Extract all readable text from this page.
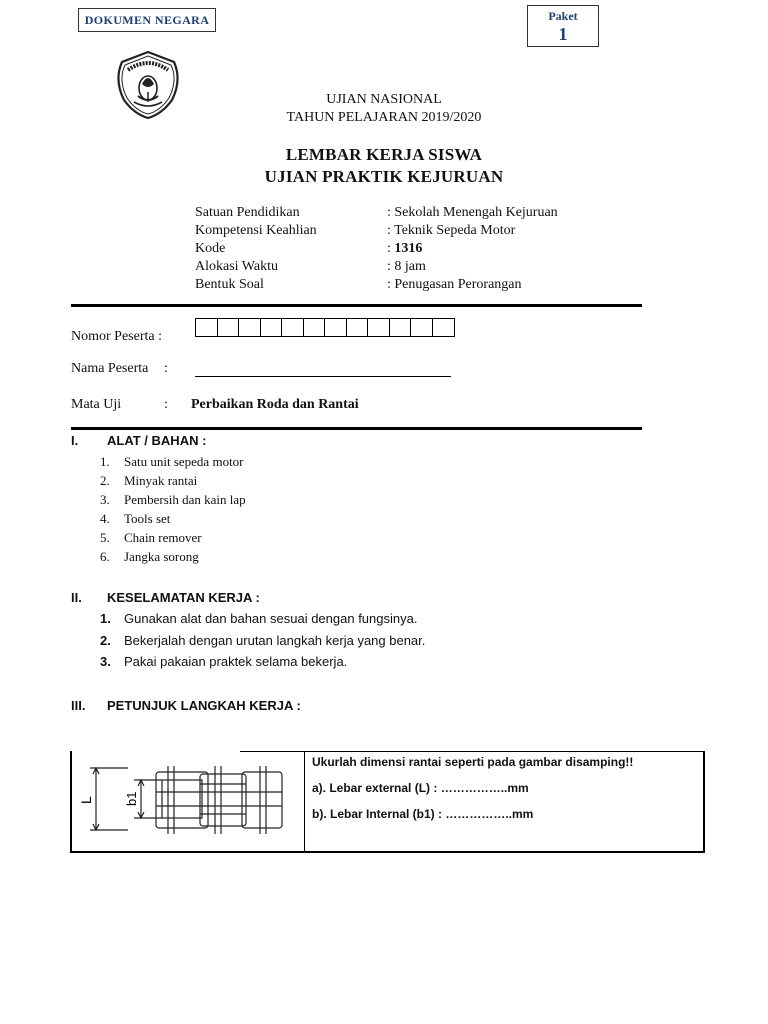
DOKUMEN NEGARA	Paket
1
UJIAN NASIONAL
TAHUN PELAJARAN 2019/2020
LEMBAR KERJA SISWA
UJIAN PRAKTIK KEJURUAN
Satuan Pendidikan	: Sekolah Menengah Kejuruan
Kompetensi Keahlian	: Teknik Sepeda Motor
Kode	: 1316
Alokasi Waktu	: 8 jam
Bentuk Soal	: Penugasan Perorangan
Nomor Peserta :
Nama Peserta :
Mata Uji	: Perbaikan Roda dan Rantai
I. ALAT / BAHAN :
1. Satu unit sepeda motor
2. Minyak rantai
3. Pembersih dan kain lap
4. Tools set
5. Chain remover
6. Jangka sorong
II. KESELAMATAN KERJA :
1. Gunakan alat dan bahan sesuai dengan fungsinya.
2. Bekerjalah dengan urutan langkah kerja yang benar.
3. Pakai pakaian praktek selama bekerja.
III. PETUNJUK LANGKAH KERJA :
L b1
Ukurlah dimensi rantai seperti pada gambar disamping!!
a). Lebar external (L) : ……………..mm
b). Lebar Internal (b1) : ……………..mm
